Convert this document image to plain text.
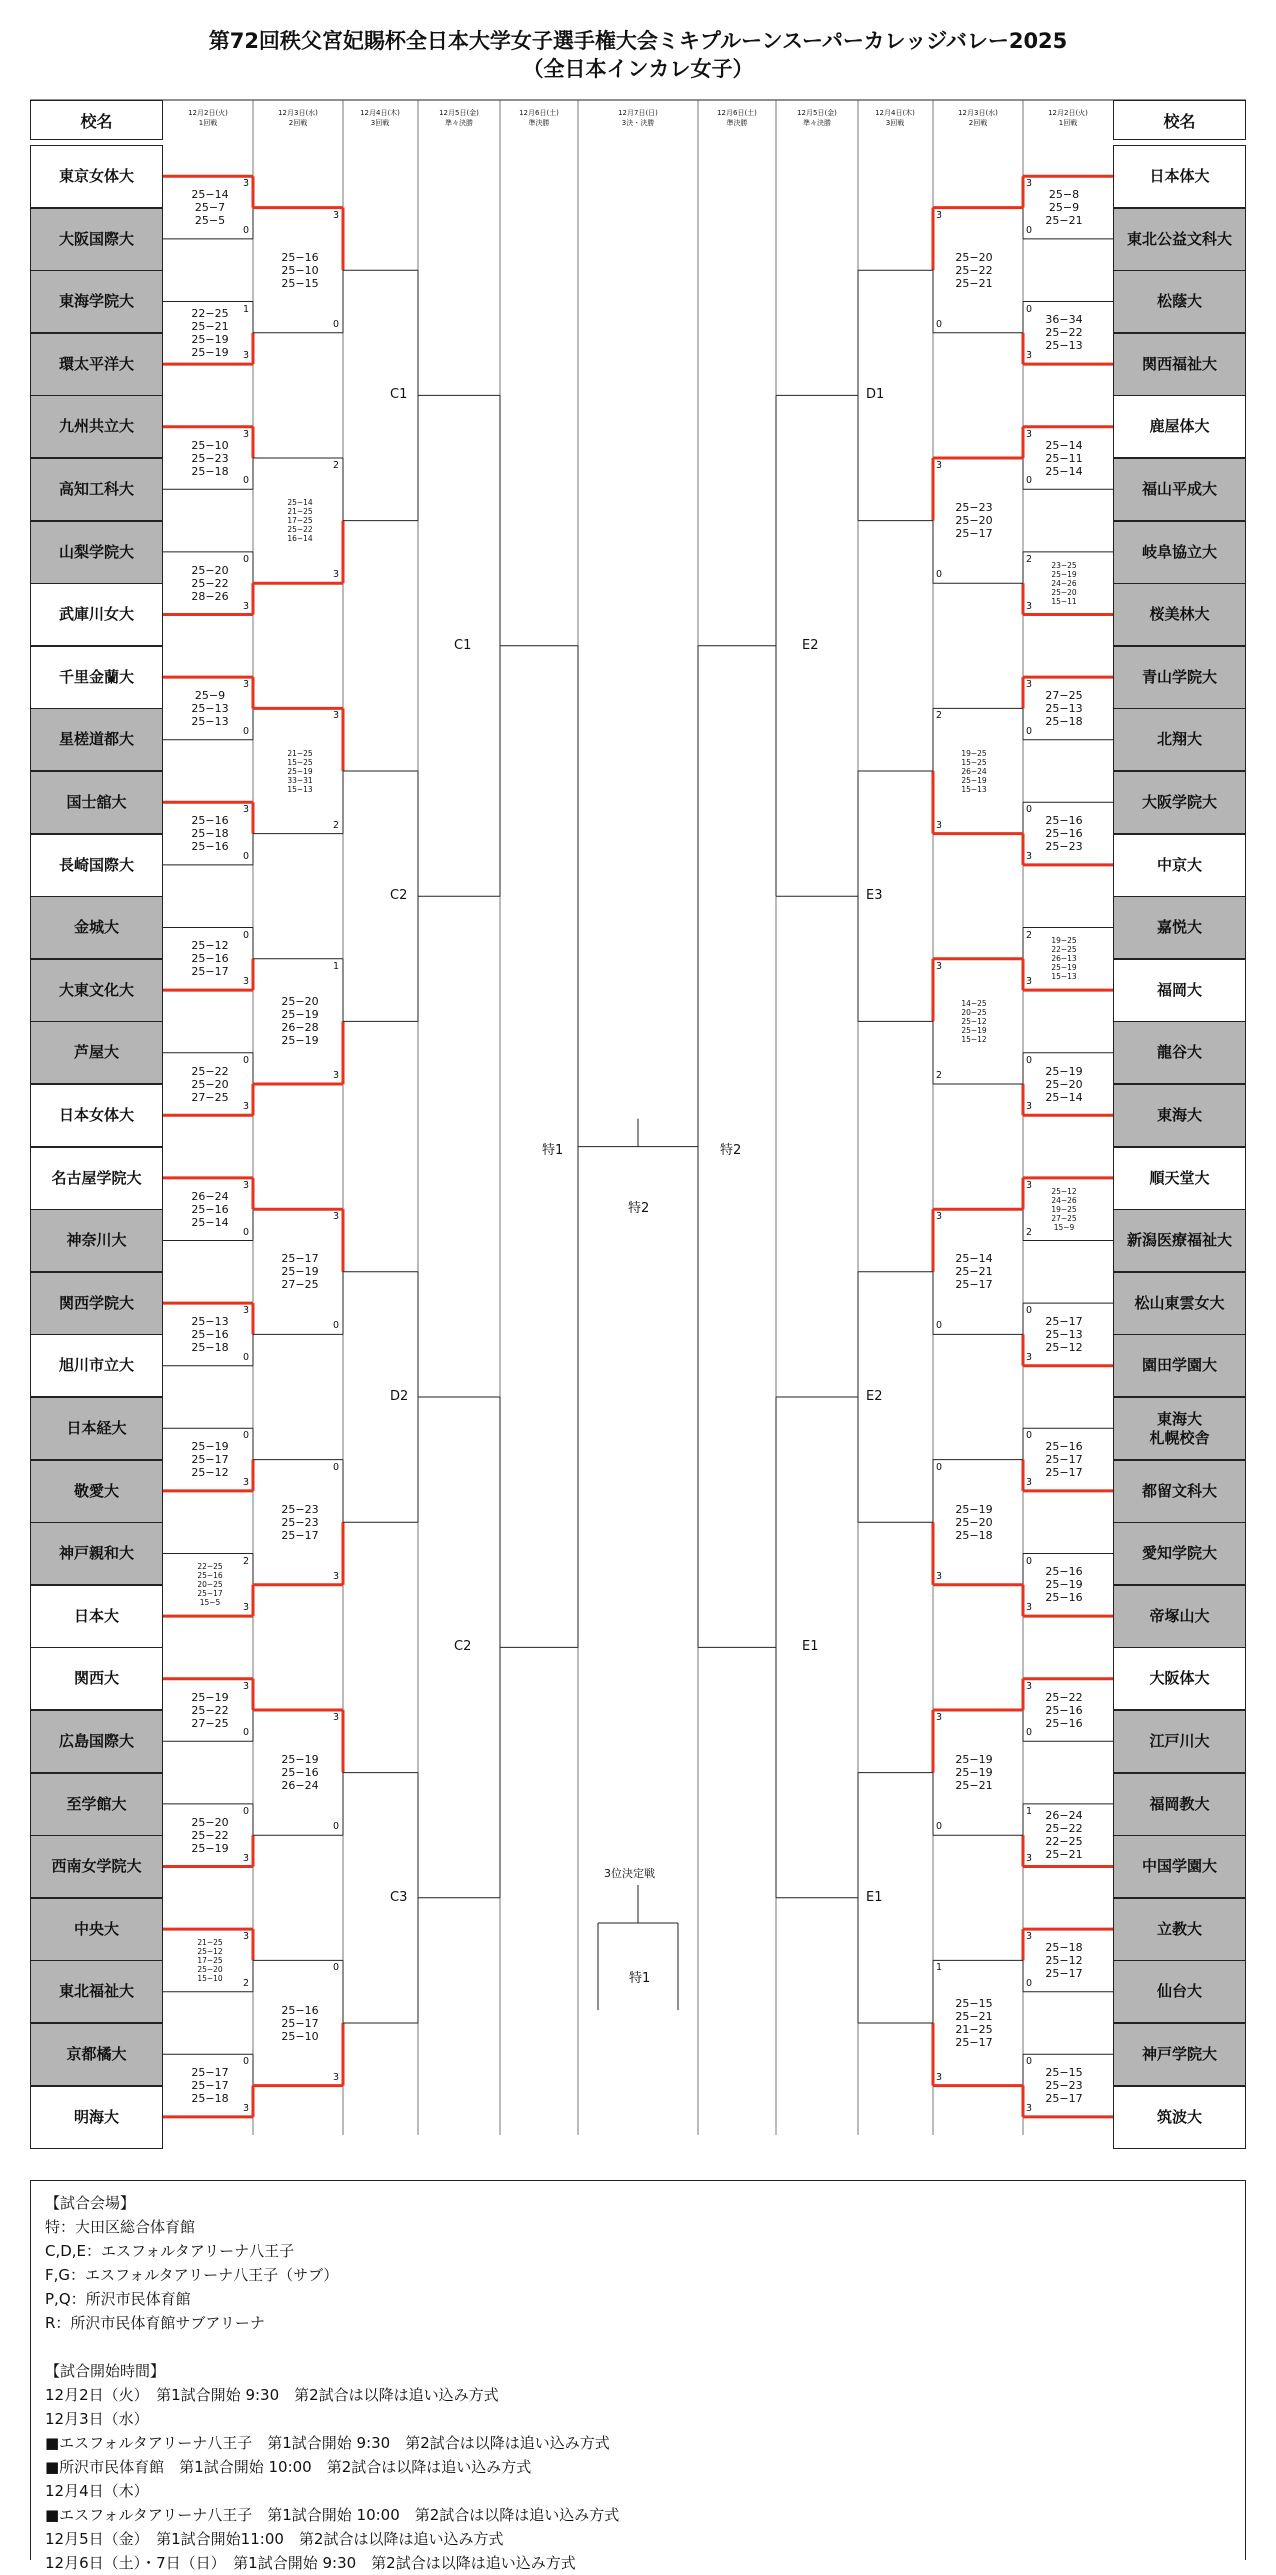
第72回秩父宮妃賜杯全日本大学女子選手権大会ミキプルーンスーパーカレッジバレー2025
（全日本インカレ女子）
校名	校名
12月2日(火)
1回戦
12月3日(水)
2回戦
12月4日(木)
3回戦
12月5日(金)
準々決勝
12月6日(土)
準決勝
12月6日(土)
準決勝
12月5日(金)
準々決勝
12月4日(木)
3回戦
12月3日(水)
2回戦
12月2日(火)
1回戦
12月7日(日)
3決・決勝
東京女体大
大阪国際大
東海学院大
環太平洋大
九州共立大
高知工科大
山梨学院大
武庫川女大
千里金蘭大
星槎道都大
国士舘大
長崎国際大
金城大
大東文化大
芦屋大
日本女体大
名古屋学院大
神奈川大
関西学院大
旭川市立大
日本経大
敬愛大
神戸親和大
日本大
関西大
広島国際大
至学館大
西南女学院大
中央大
東北福祉大
京都橘大
明海大
日本体大
東北公益文科大
松蔭大
関西福祉大
鹿屋体大
福山平成大
岐阜協立大
桜美林大
青山学院大
北翔大
大阪学院大
中京大
嘉悦大
福岡大
龍谷大
東海大
順天堂大
新潟医療福祉大
松山東雲女大
園田学園大
東海大
札幌校舎
都留文科大
愛知学院大
帝塚山大
大阪体大
江戸川大
福岡教大
中国学園大
立教大
仙台大
神戸学院大
筑波大
25−14
25−7
25−5
3
0
22−25
25−21
25−19
25−19
1
3
25−10
25−23
25−18
3
0
25−20
25−22
28−26
0
3
25−9
25−13
25−13
3
0
25−16
25−18
25−16
3
0
25−12
25−16
25−17
0
3
25−22
25−20
27−25
0
3
26−24
25−16
25−14
3
0
25−13
25−16
25−18
3
0
25−19
25−17
25−12
0
3
22−25
25−16
20−25
25−17
15−5
2
3
25−19
25−22
27−25
3
0
25−20
25−22
25−19
0
3
21−25
25−12
17−25
25−20
15−10
3
2
25−17
25−17
25−18
0
3
25−16
25−10
25−15
3
0
25−14
21−25
17−25
25−22
16−14
2
3
21−25
15−25
25−19
33−31
15−13
3
2
25−20
25−19
26−28
25−19
1
3
25−17
25−19
27−25
3
0
25−23
25−23
25−17
0
3
25−19
25−16
26−24
3
0
25−16
25−17
25−10
0
3
C1
C2
D2
C3
C1
C2
特1
特2
25−8
25−9
25−21
3
0
36−34
25−22
25−13
0
3
25−14
25−11
25−14
3
0
23−25
25−19
24−26
25−20
15−11
2
3
27−25
25−13
25−18
3
0
25−16
25−16
25−23
0
3
19−25
22−25
26−13
25−19
15−13
2
3
25−19
25−20
25−14
0
3
25−12
24−26
19−25
27−25
15−9
3
2
25−17
25−13
25−12
0
3
25−16
25−17
25−17
0
3
25−16
25−19
25−16
0
3
25−22
25−16
25−16
3
0
26−24
25−22
22−25
25−21
1
3
25−18
25−12
25−17
3
0
25−15
25−23
25−17
0
3
25−20
25−22
25−21
3
0
25−23
25−20
25−17
3
0
19−25
15−25
26−24
25−19
15−13
2
3
14−25
20−25
25−12
25−19
15−12
3
2
25−14
25−21
25−17
3
0
25−19
25−20
25−18
0
3
25−19
25−19
25−21
3
0
25−15
25−21
21−25
25−17
1
3
D1
E3
E2
E1
E2
E1
特2
3位決定戦
特1
【試合会場】
特：大田区総合体育館
C,D,E：エスフォルタアリーナ八王子
F,G：エスフォルタアリーナ八王子（サブ）
P,Q：所沢市民体育館
R：所沢市民体育館サブアリーナ
【試合開始時間】
12月2日（火）　第1試合開始 9:30　第2試合は以降は追い込み方式
12月3日（水）
■エスフォルタアリーナ八王子　第1試合開始 9:30　第2試合は以降は追い込み方式
■所沢市民体育館　第1試合開始 10:00　第2試合は以降は追い込み方式
12月4日（木）
■エスフォルタアリーナ八王子　第1試合開始 10:00　第2試合は以降は追い込み方式
12月5日（金）　第1試合開始11:00　第2試合は以降は追い込み方式
12月6日（土）・7日（日）　第1試合開始 9:30　第2試合は以降は追い込み方式
